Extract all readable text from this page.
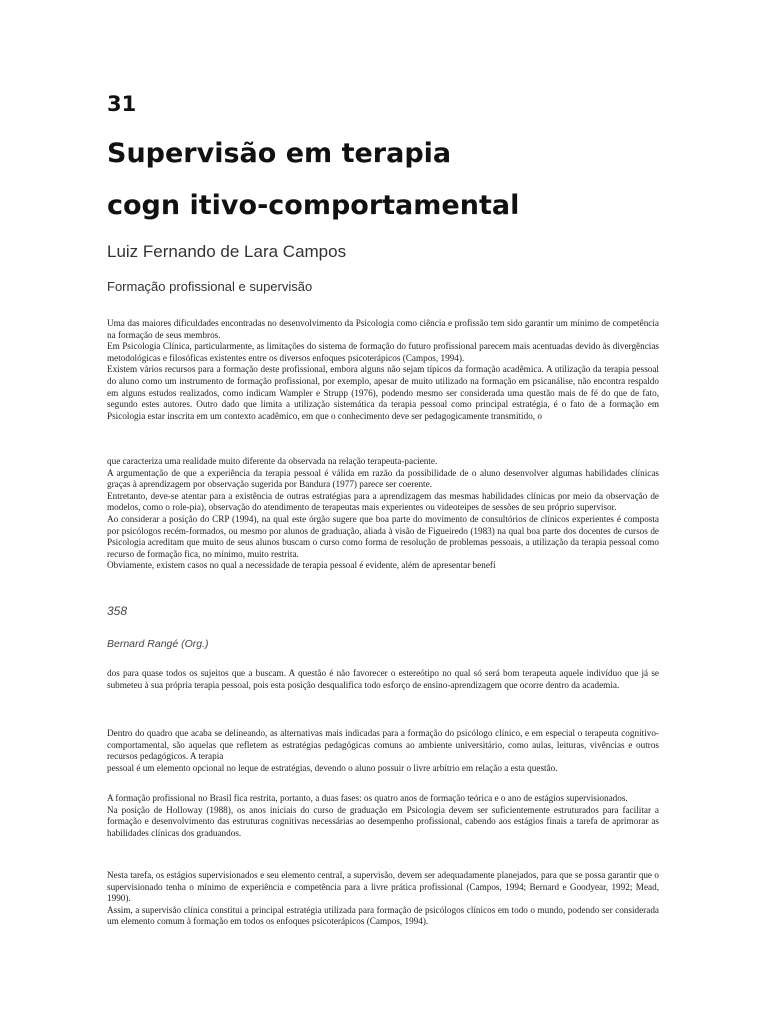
31
Supervisão em terapia
cogn itivo-comportamental
Luiz Fernando de Lara Campos
Formação profissional e supervisão

Uma das maiores dificuldades encontradas no desenvolvimento da Psicologia como ciência e profissão tem sido garantir um mínimo de competência na formação de seus membros.

Em Psicologia Clínica, particularmente, as limitações do sistema de formação do futuro profissional parecem mais acentuadas devido às divergências metodológicas e filosóficas existentes entre os diversos enfoques psicoterápicos (Campos, 1994).

Existem vários recursos para a formação deste profissional, embora alguns não sejam típicos da formação acadêmica. A utilização da terapia pessoal do aluno como um instrumento de formação profissional, por exemplo, apesar de muito utilizado na formação em psicanálise, não encontra respaldo em alguns estudos realizados, como indicam Wampler e Strupp (1976), podendo mesmo ser considerada uma questão mais de fé do que de fato, segundo estes autores. Outro dado que limita a utilização sistemática da terapia pessoal como principal estratégia, é o fato de a formação em Psicologia estar inscrita em um contexto acadêmico, em que o conhecimento deve ser pedagogicamente transmitido, o

que caracteriza uma realidade muito diferente da observada na relação terapeuta-paciente.

A argumentação de que a experiência da terapia pessoal é válida em razão da possibilidade de o aluno desenvolver algumas habilidades clínicas graças à aprendizagem por observação sugerida por Bandura (1977) parece ser coerente.

Entretanto, deve-se atentar para a existência de outras estratégias para a aprendizagem das mesmas habilidades clínicas por meio da observação de modelos, como o role-pia), observação do atendimento de terapeutas mais experientes ou videoteipes de sessões de seu próprio supervisor.

Ao considerar a posição do CRP (1994), na qual este órgão sugere que boa parte do movimento de consultórios de clínicos experientes é composta por psicólogos recém-formados, ou mesmo por alunos de graduação, aliada à visão de Figueiredo (1983) na qual boa parte dos docentes de cursos de Psicologia acreditam que muito de seus alunos buscam o curso como forma de resolução de problemas pessoais, a utilização da terapia pessoal como recurso de formação fica, no mínimo, muito restrita.

Obviamente, existem casos no qual a necessidade de terapia pessoal é evidente, além de apresentar benefí

358
Bernard Rangé (Org.)

dos para quase todos os sujeitos que a buscam. A questão é não favorecer o estereótipo no qual só será bom terapeuta aquele indivíduo que já se submeteu à sua própria terapia pessoal, pois esta posição desqualifica todo esforço de ensino-aprendizagem que ocorre dentro da academia.

Dentro do quadro que acaba se delineando, as alternativas mais indicadas para a formação do psicólogo clínico, e em especial o terapeuta cognitivo-comportamental, são aquelas que refletem as estratégias pedagógicas comuns ao ambiente universitário, como aulas, leituras, vivências e outros recursos pedagógicos. A terapia

pessoal é um elemento opcional no leque de estratégias, devendo o aluno possuir o livre arbítrio em relação a esta questão.

A formação profissional no Brasil fica restrita, portanto, a duas fases: os quatro anos de formação teórica e o ano de estágios supervisionados.

Na posição de Holloway (1988), os anos iniciais do curso de graduação em Psicologia devem ser suficientemente estruturados para facilitar a formação e desenvolvimento das estruturas cognitivas necessárias ao desempenho profissional, cabendo aos estágios finais a tarefa de aprimorar as habilidades clínicas dos graduandos.

Nesta tarefa, os estágios supervisionados e seu elemento central, a supervisão, devem ser adequadamente planejados, para que se possa garantir que o supervisionado tenha o mínimo de experiência e competência para a livre prática profissional (Campos, 1994; Bernard e Goodyear, 1992; Mead, 1990).

Assim, a supervisão clínica constitui a principal estratégia utilizada para formação de psicólogos clínicos em todo o mundo, podendo ser considerada um elemento comum à formação em todos os enfoques psicoterápicos (Campos, 1994).
